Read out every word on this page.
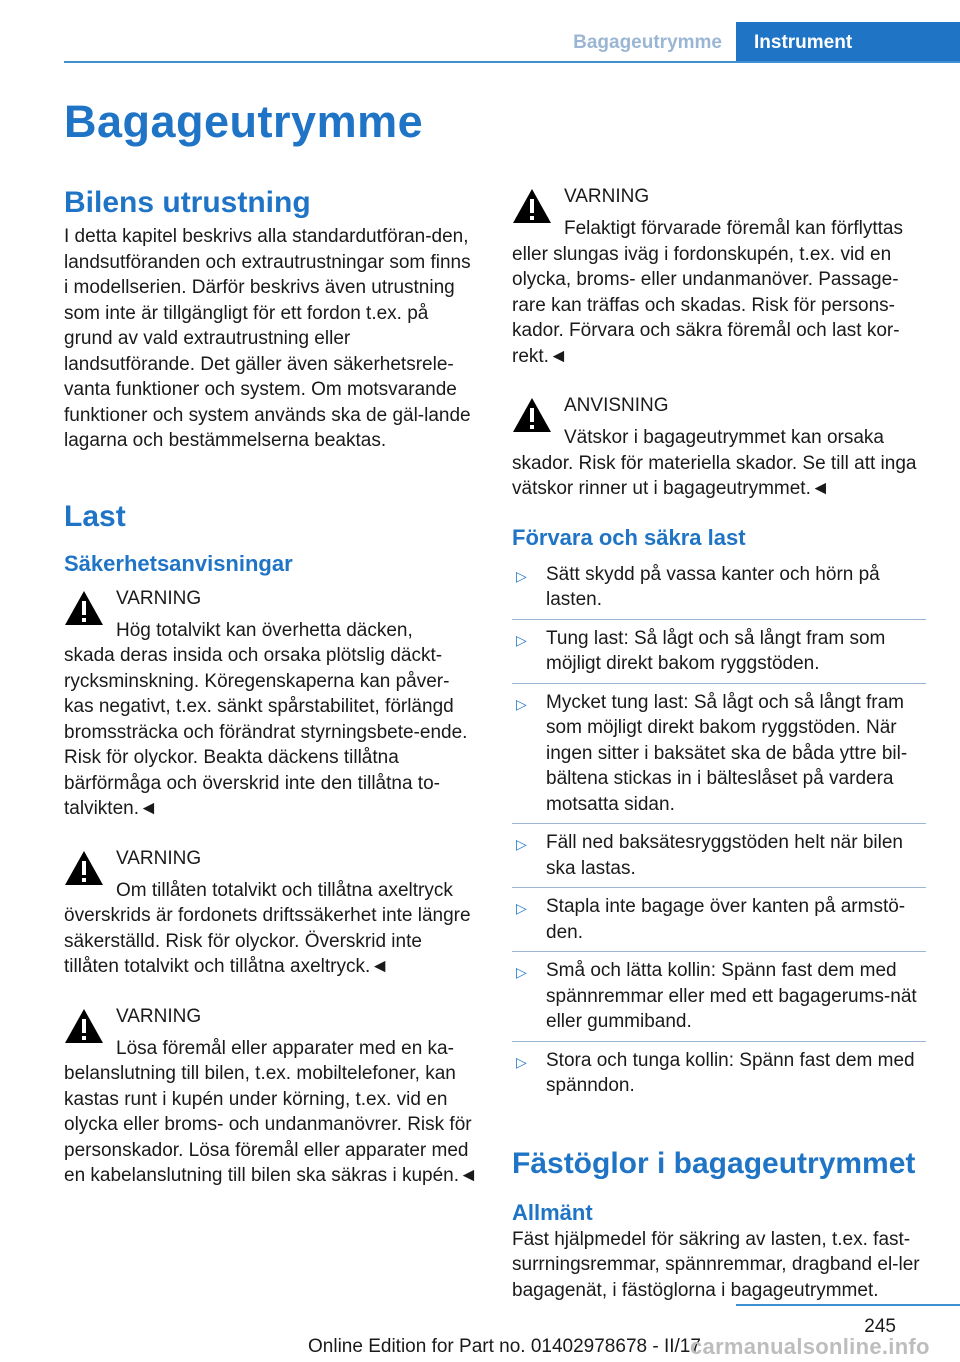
Bagageutrymme	Instrument
Bagageutrymme
Bilens utrustning

I detta kapitel beskrivs alla standardutföran-den, landsutföranden och extrautrustningar som finns i modellserien. Därför beskrivs även utrustning som inte är tillgängligt för ett fordon t.ex. på grund av vald extrautrustning eller landsutförande. Det gäller även säkerhetsrele-vanta funktioner och system. Om motsvarande funktioner och system används ska de gäl-lande lagarna och bestämmelserna beaktas.

Last
Säkerhetsanvisningar
VARNING
Hög totalvikt kan överhetta däcken,
skada deras insida och orsaka plötslig däckt-rycksminskning. Köregenskaperna kan påver-kas negativt, t.ex. sänkt spårstabilitet, förlängd bromssträcka och förändrat styrningsbete-ende. Risk för olyckor. Beakta däckens tillåtna bärförmåga och överskrid inte den tillåtna to-talvikten.◄
VARNING
Om tillåten totalvikt och tillåtna axeltryck
överskrids är fordonets driftssäkerhet inte längre säkerställd. Risk för olyckor. Överskrid inte tillåten totalvikt och tillåtna axeltryck.◄
VARNING
Lösa föremål eller apparater med en ka-
belanslutning till bilen, t.ex. mobiltelefoner, kan kastas runt i kupén under körning, t.ex. vid en olycka eller broms- och undanmanövrer. Risk för personskador. Lösa föremål eller apparater med en kabelanslutning till bilen ska säkras i kupén.◄
VARNING
Felaktigt förvarade föremål kan förflyttas
eller slungas iväg i fordonskupén, t.ex. vid en olycka, broms- eller undanmanöver. Passage-rare kan träffas och skadas. Risk för persons-kador. Förvara och säkra föremål och last kor-rekt.◄
ANVISNING
Vätskor i bagageutrymmet kan orsaka
skador. Risk för materiella skador. Se till att inga vätskor rinner ut i bagageutrymmet.◄
Förvara och säkra last
▷ Sätt skydd på vassa kanter och hörn på lasten.
▷ Tung last: Så lågt och så långt fram som möjligt direkt bakom ryggstöden.
▷ Mycket tung last: Så lågt och så långt fram som möjligt direkt bakom ryggstöden. När ingen sitter i baksätet ska de båda yttre bil-bältena stickas in i bälteslåset på vardera motsatta sidan.
▷ Fäll ned baksätesryggstöden helt när bilen ska lastas.
▷ Stapla inte bagage över kanten på armstö-den.
▷ Små och lätta kollin: Spänn fast dem med spännremmar eller med ett bagagerums-nät eller gummiband.
▷ Stora och tunga kollin: Spänn fast dem med spänndon.
Fästöglor i bagageutrymmet
Allmänt

Fäst hjälpmedel för säkring av lasten, t.ex. fast-surrningsremmar, spännremmar, dragband el-ler bagagenät, i fästöglorna i bagageutrymmet.

245
Online Edition for Part no. 01402978678 - II/17
carmanualsonline.info
